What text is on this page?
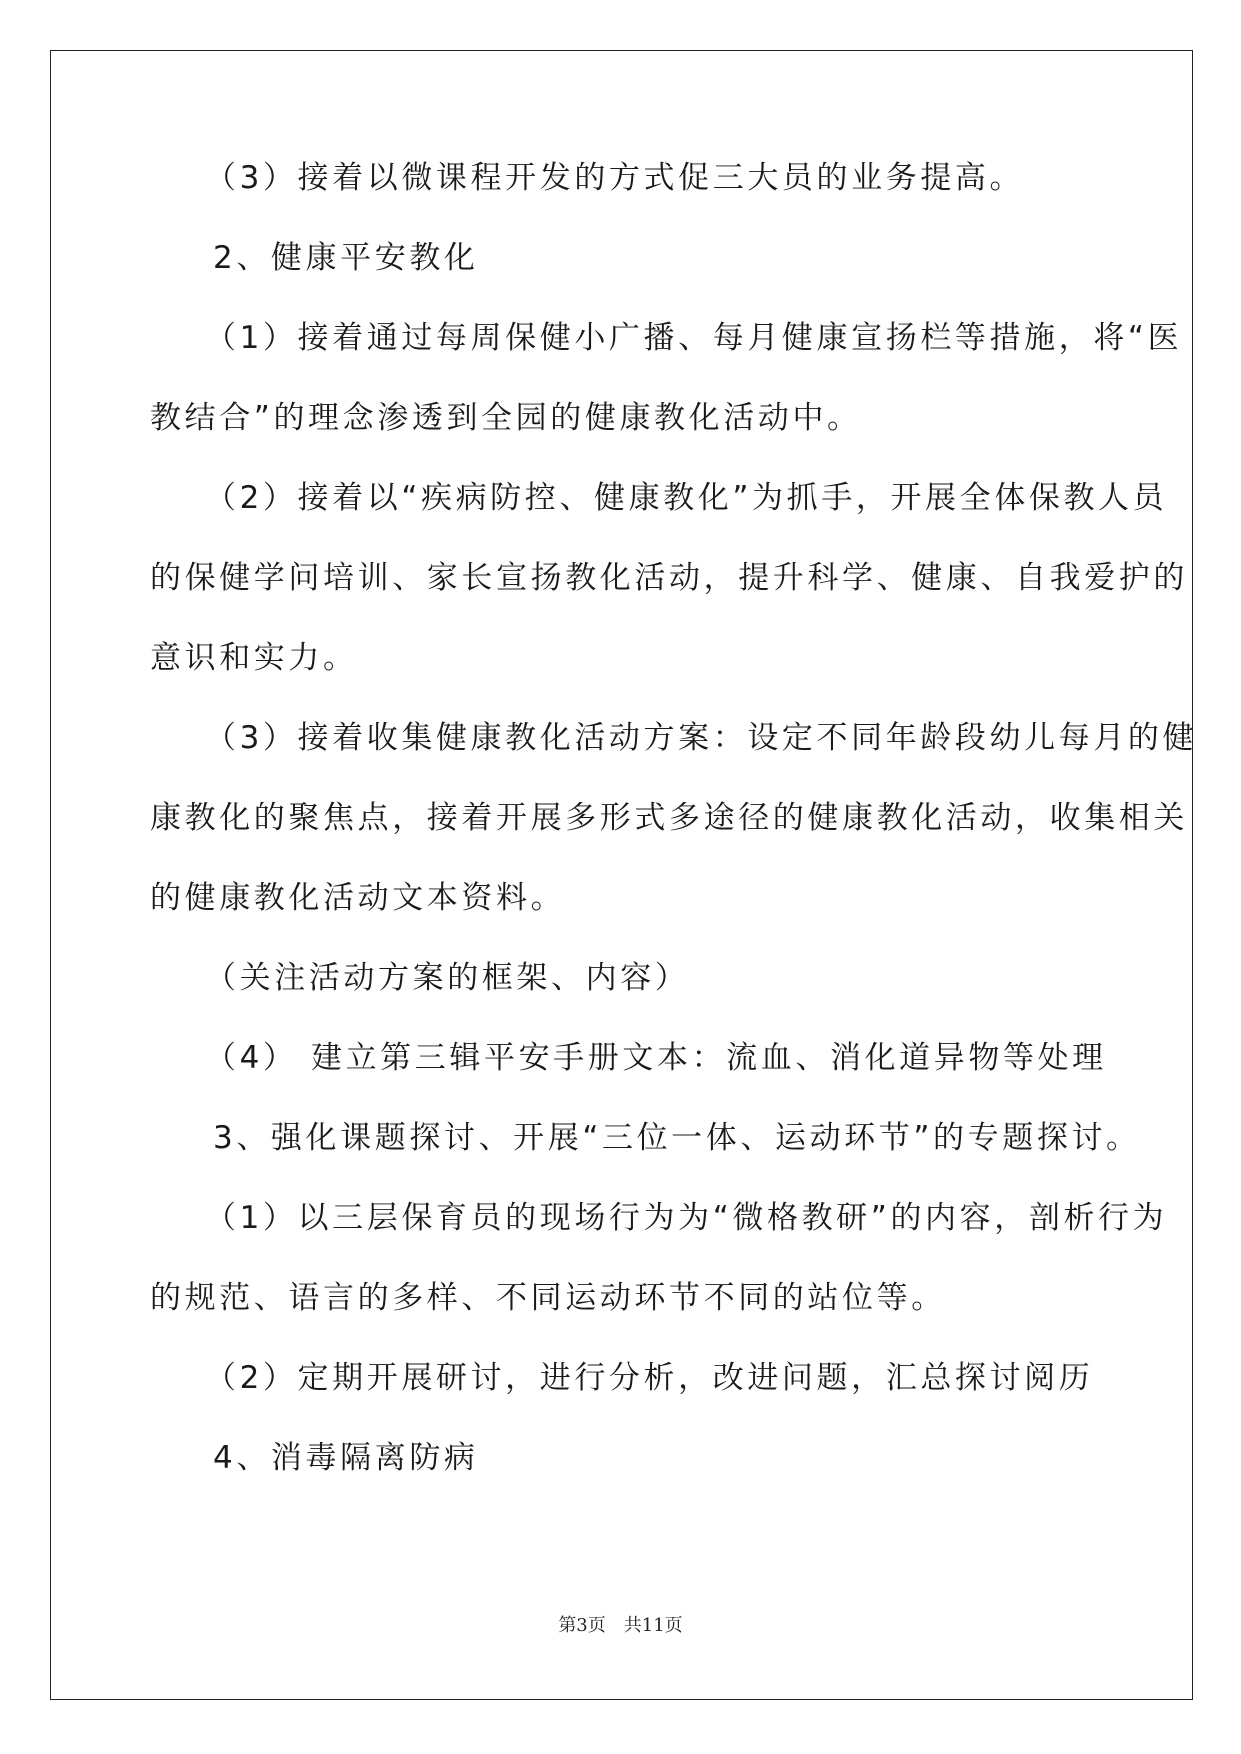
（3）接着以微课程开发的方式促三大员的业务提高。
2、健康平安教化
（1）接着通过每周保健小广播、每月健康宣扬栏等措施，将“医
教结合”的理念渗透到全园的健康教化活动中。
（2）接着以“疾病防控、健康教化”为抓手，开展全体保教人员
的保健学问培训、家长宣扬教化活动，提升科学、健康、自我爱护的
意识和实力。
（3）接着收集健康教化活动方案：设定不同年龄段幼儿每月的健
康教化的聚焦点，接着开展多形式多途径的健康教化活动，收集相关
的健康教化活动文本资料。
（关注活动方案的框架、内容）
（4） 建立第三辑平安手册文本：流血、消化道异物等处理
3、强化课题探讨、开展“三位一体、运动环节”的专题探讨。
（1）以三层保育员的现场行为为“微格教研”的内容，剖析行为
的规范、语言的多样、不同运动环节不同的站位等。
（2）定期开展研讨，进行分析，改进问题，汇总探讨阅历
4、消毒隔离防病
第3页 共11页
